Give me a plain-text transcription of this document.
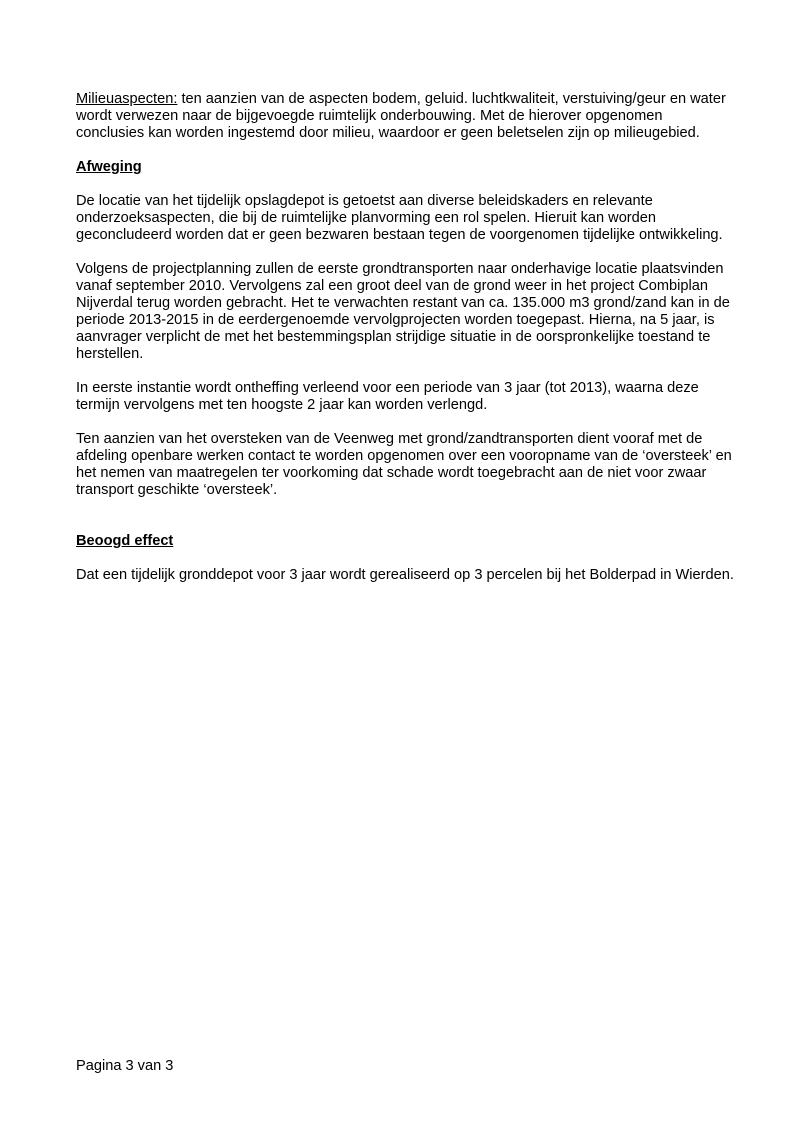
Milieuaspecten: ten aanzien van de aspecten bodem, geluid. luchtkwaliteit, verstuiving/geur en water
wordt verwezen naar de bijgevoegde ruimtelijk onderbouwing. Met de hierover opgenomen
conclusies kan worden ingestemd door milieu, waardoor er geen beletselen zijn op milieugebied.

Afweging

De locatie van het tijdelijk opslagdepot is getoetst aan diverse beleidskaders en relevante
onderzoeksaspecten, die bij de ruimtelijke planvorming een rol spelen. Hieruit kan worden
geconcludeerd worden dat er geen bezwaren bestaan tegen de voorgenomen tijdelijke ontwikkeling.

Volgens de projectplanning zullen de eerste grondtransporten naar onderhavige locatie plaatsvinden
vanaf september 2010. Vervolgens zal een groot deel van de grond weer in het project Combiplan
Nijverdal terug worden gebracht. Het te verwachten restant van ca. 135.000 m3 grond/zand kan in de
periode 2013-2015 in de eerdergenoemde vervolgprojecten worden toegepast. Hierna, na 5 jaar, is
aanvrager verplicht de met het bestemmingsplan strijdige situatie in de oorspronkelijke toestand te
herstellen.

In eerste instantie wordt ontheffing verleend voor een periode van 3 jaar (tot 2013), waarna deze
termijn vervolgens met ten hoogste 2 jaar kan worden verlengd.

Ten aanzien van het oversteken van de Veenweg met grond/zandtransporten dient vooraf met de
afdeling openbare werken contact te worden opgenomen over een vooropname van de ‘oversteek’ en
het nemen van maatregelen ter voorkoming dat schade wordt toegebracht aan de niet voor zwaar
transport geschikte ‘oversteek’.

Beoogd effect

Dat een tijdelijk gronddepot voor 3 jaar wordt gerealiseerd op 3 percelen bij het Bolderpad in Wierden.

Pagina 3 van 3
